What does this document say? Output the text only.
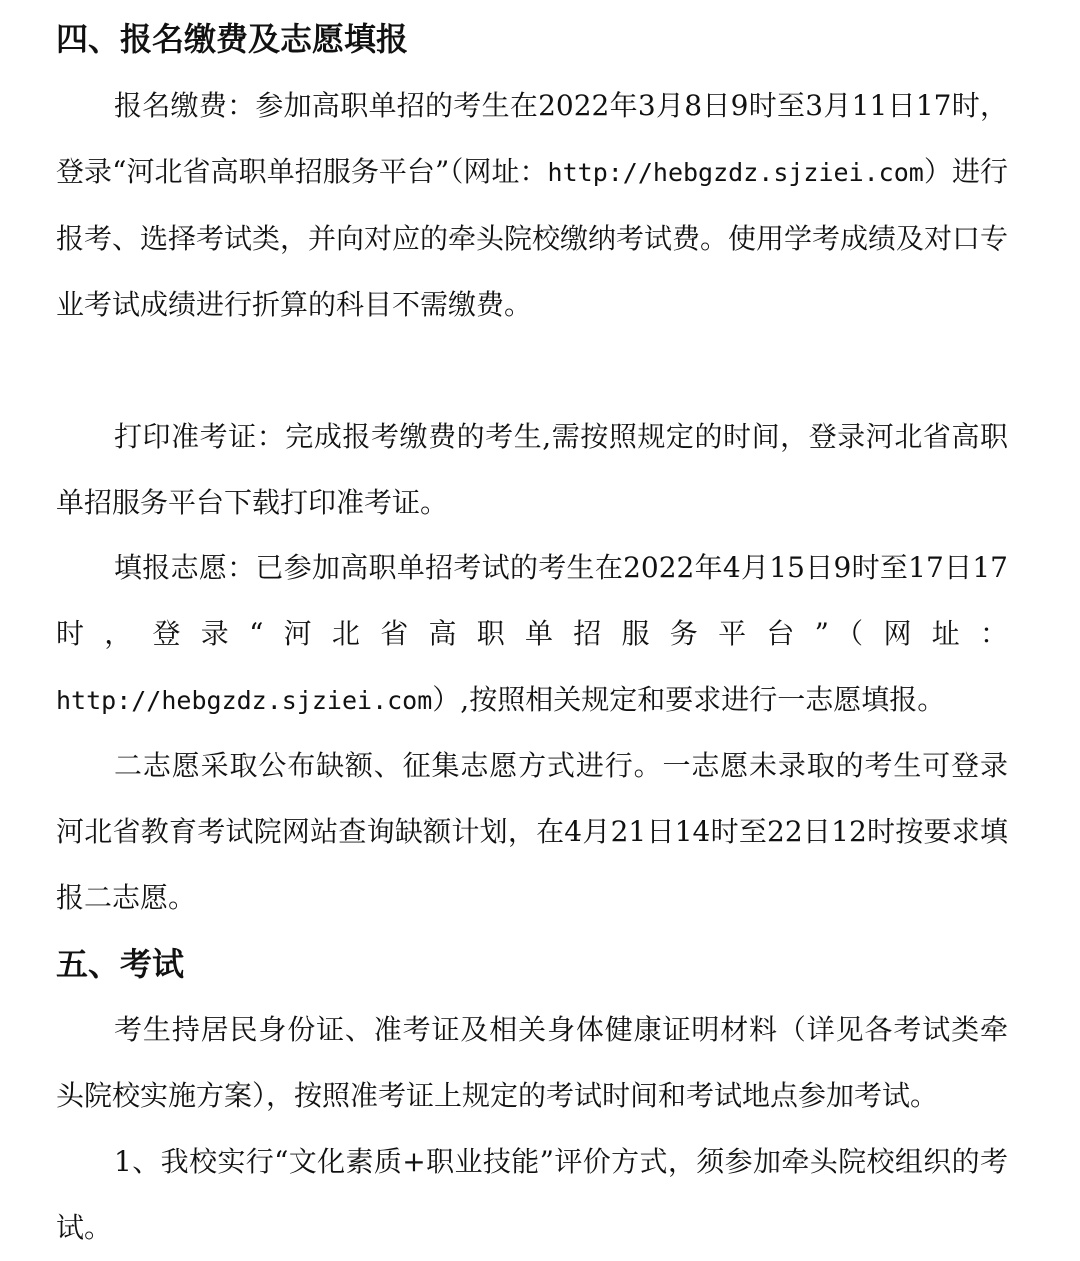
四、报名缴费及志愿填报

报名缴费：参加高职单招的考生在2022年3月8日9时至3月11日17时，登录“河北省高职单招服务平台”（网址：http://hebgzdz.sjziei.com）进行报考、选择考试类，并向对应的牵头院校缴纳考试费。使用学考成绩及对口专业考试成绩进行折算的科目不需缴费。

打印准考证：完成报考缴费的考生,需按照规定的时间，登录河北省高职单招服务平台下载打印准考证。

填报志愿：已参加高职单招考试的考生在2022年4月15日9时至17日17时，登录“河北省高职单招服务平台”（网址：http://hebgzdz.sjziei.com）,按照相关规定和要求进行一志愿填报。

二志愿采取公布缺额、征集志愿方式进行。一志愿未录取的考生可登录河北省教育考试院网站查询缺额计划，在4月21日14时至22日12时按要求填报二志愿。

五、考试

考生持居民身份证、准考证及相关身体健康证明材料（详见各考试类牵头院校实施方案），按照准考证上规定的考试时间和考试地点参加考试。

1、我校实行“文化素质+职业技能”评价方式，须参加牵头院校组织的考试。
